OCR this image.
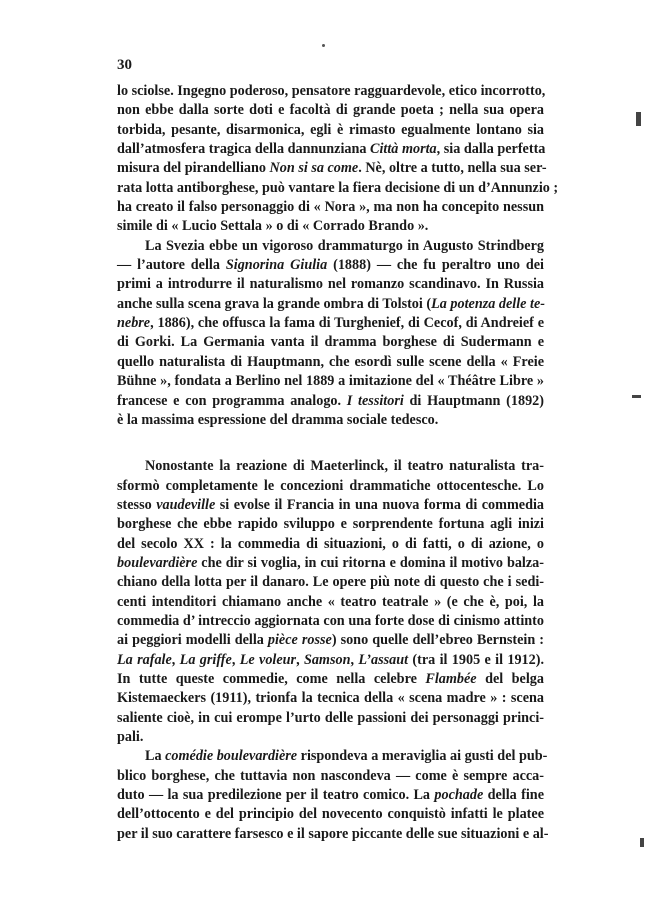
30
lo sciolse. Ingegno poderoso, pensatore ragguardevole, etico incorrotto,
non ebbe dalla sorte doti e facoltà di grande poeta ; nella sua opera
torbida, pesante, disarmonica, egli è rimasto egualmente lontano sia
dall’atmosfera tragica della dannunziana Città morta, sia dalla perfetta
misura del pirandelliano Non si sa come. Nè, oltre a tutto, nella sua ser-
rata lotta antiborghese, può vantare la fiera decisione di un d’Annunzio ;
ha creato il falso personaggio di « Nora », ma non ha concepito nessun
simile di « Lucio Settala » o di « Corrado Brando ».
La Svezia ebbe un vigoroso drammaturgo in Augusto Strindberg
— l’autore della Signorina Giulia (1888) — che fu peraltro uno dei
primi a introdurre il naturalismo nel romanzo scandinavo. In Russia
anche sulla scena grava la grande ombra di Tolstoi (La potenza delle te-
nebre, 1886), che offusca la fama di Turghenief, di Cecof, di Andreief e
di Gorki. La Germania vanta il dramma borghese di Sudermann e
quello naturalista di Hauptmann, che esordì sulle scene della « Freie
Bühne », fondata a Berlino nel 1889 a imitazione del « Théâtre Libre »
francese e con programma analogo. I tessitori di Hauptmann (1892)
è la massima espressione del dramma sociale tedesco.
Nonostante la reazione di Maeterlinck, il teatro naturalista tra-
sformò completamente le concezioni drammatiche ottocentesche. Lo
stesso vaudeville si evolse il Francia in una nuova forma di commedia
borghese che ebbe rapido sviluppo e sorprendente fortuna agli inizi
del secolo XX : la commedia di situazioni, o di fatti, o di azione, o
boulevardière che dir si voglia, in cui ritorna e domina il motivo balza-
chiano della lotta per il danaro. Le opere più note di questo che i sedi-
centi intenditori chiamano anche « teatro teatrale » (e che è, poi, la
commedia d’ intreccio aggiornata con una forte dose di cinismo attinto
ai peggiori modelli della pièce rosse) sono quelle dell’ebreo Bernstein :
La rafale, La griffe, Le voleur, Samson, L’assaut (tra il 1905 e il 1912).
In tutte queste commedie, come nella celebre Flambée del belga
Kistemaeckers (1911), trionfa la tecnica della « scena madre » : scena
saliente cioè, in cui erompe l’urto delle passioni dei personaggi princi-
pali.
La comédie boulevardière rispondeva a meraviglia ai gusti del pub-
blico borghese, che tuttavia non nascondeva — come è sempre acca-
duto — la sua predilezione per il teatro comico. La pochade della fine
dell’ottocento e del principio del novecento conquistò infatti le platee
per il suo carattere farsesco e il sapore piccante delle sue situazioni e al-
